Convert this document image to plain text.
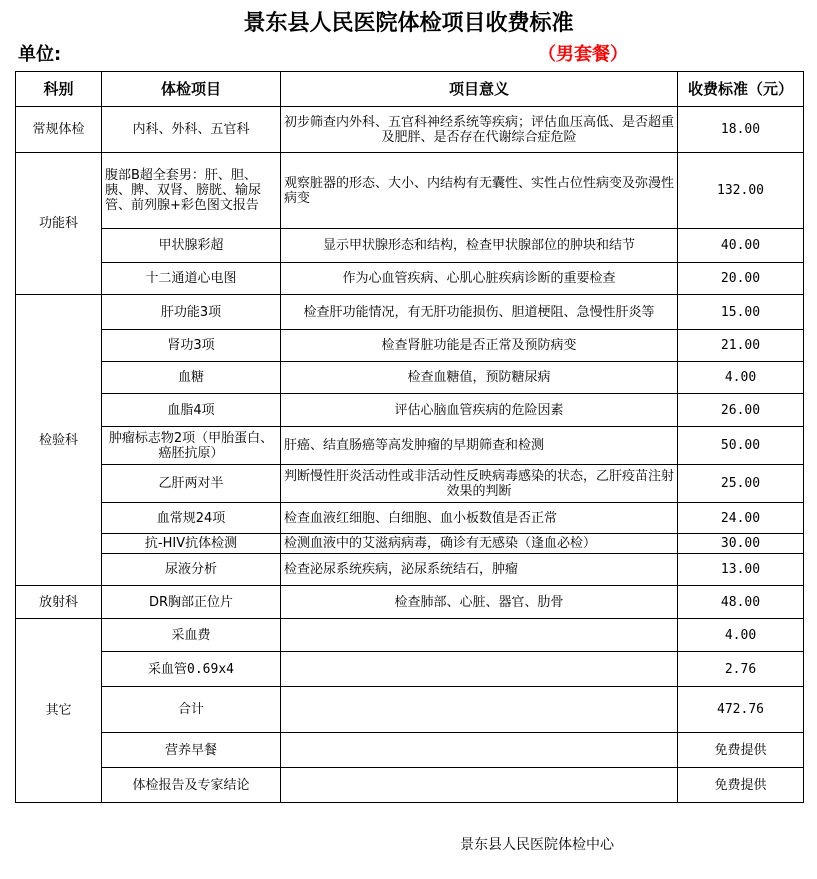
景东县人民医院体检项目收费标准
单位:	（男套餐）
科别	体检项目	项目意义	收费标准（元）
常规体检	内科、外科、五官科	初步筛查内外科、五官科神经系统等疾病；评估血压高低、是否超重及肥胖、是否存在代谢综合症危险	18.00
功能科	腹部B超全套男：肝、胆、胰、脾、双肾、膀胱、输尿管、前列腺+彩色图文报告	观察脏器的形态、大小、内结构有无囊性、实性占位性病变及弥漫性病变	132.00
	甲状腺彩超	显示甲状腺形态和结构，检查甲状腺部位的肿块和结节	40.00
	十二通道心电图	作为心血管疾病、心肌心脏疾病诊断的重要检查	20.00
检验科	肝功能3项	检查肝功能情况，有无肝功能损伤、胆道梗阻、急慢性肝炎等	15.00
	肾功3项	检查肾脏功能是否正常及预防病变	21.00
	血糖	检查血糖值，预防糖尿病	4.00
	血脂4项	评估心脑血管疾病的危险因素	26.00
	肿瘤标志物2项（甲胎蛋白、癌胚抗原）	肝癌、结直肠癌等高发肿瘤的早期筛查和检测	50.00
	乙肝两对半	判断慢性肝炎活动性或非活动性反映病毒感染的状态，乙肝疫苗注射效果的判断	25.00
	血常规24项	检查血液红细胞、白细胞、血小板数值是否正常	24.00
	抗-HIV抗体检测	检测血液中的艾滋病病毒，确诊有无感染（逢血必检）	30.00
	尿液分析	检查泌尿系统疾病，泌尿系统结石，肿瘤	13.00
放射科	DR胸部正位片	检查肺部、心脏、器官、肋骨	48.00
其它	采血费		4.00
	采血管0.69x4		2.76
	合计		472.76
	营养早餐		免费提供
	体检报告及专家结论		免费提供
景东县人民医院体检中心
